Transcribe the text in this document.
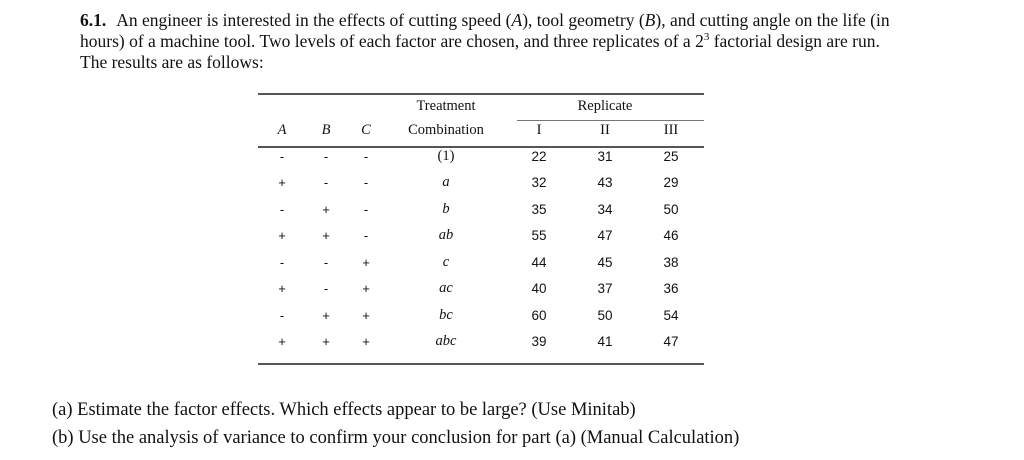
6.1. An engineer is interested in the effects of cutting speed (A), tool geometry (B), and cutting angle on the life (in hours) of a machine tool. Two levels of each factor are chosen, and three replicates of a $2^3$ factorial design are run. The results are as follows:
			Treatment		Replicate	
A	B	C	Combination	I	II	III
-	-	-	(1)	22	31	25
+	-	-	a	32	43	29
-	+	-	b	35	34	50
+	+	-	ab	55	47	46
-	-	+	c	44	45	38
+	-	+	ac	40	37	36
-	+	+	bc	60	50	54
+	+	+	abc	39	41	47
(a) Estimate the factor effects. Which effects appear to be large? (Use Minitab)
(b) Use the analysis of variance to confirm your conclusion for part (a) (Manual Calculation)
